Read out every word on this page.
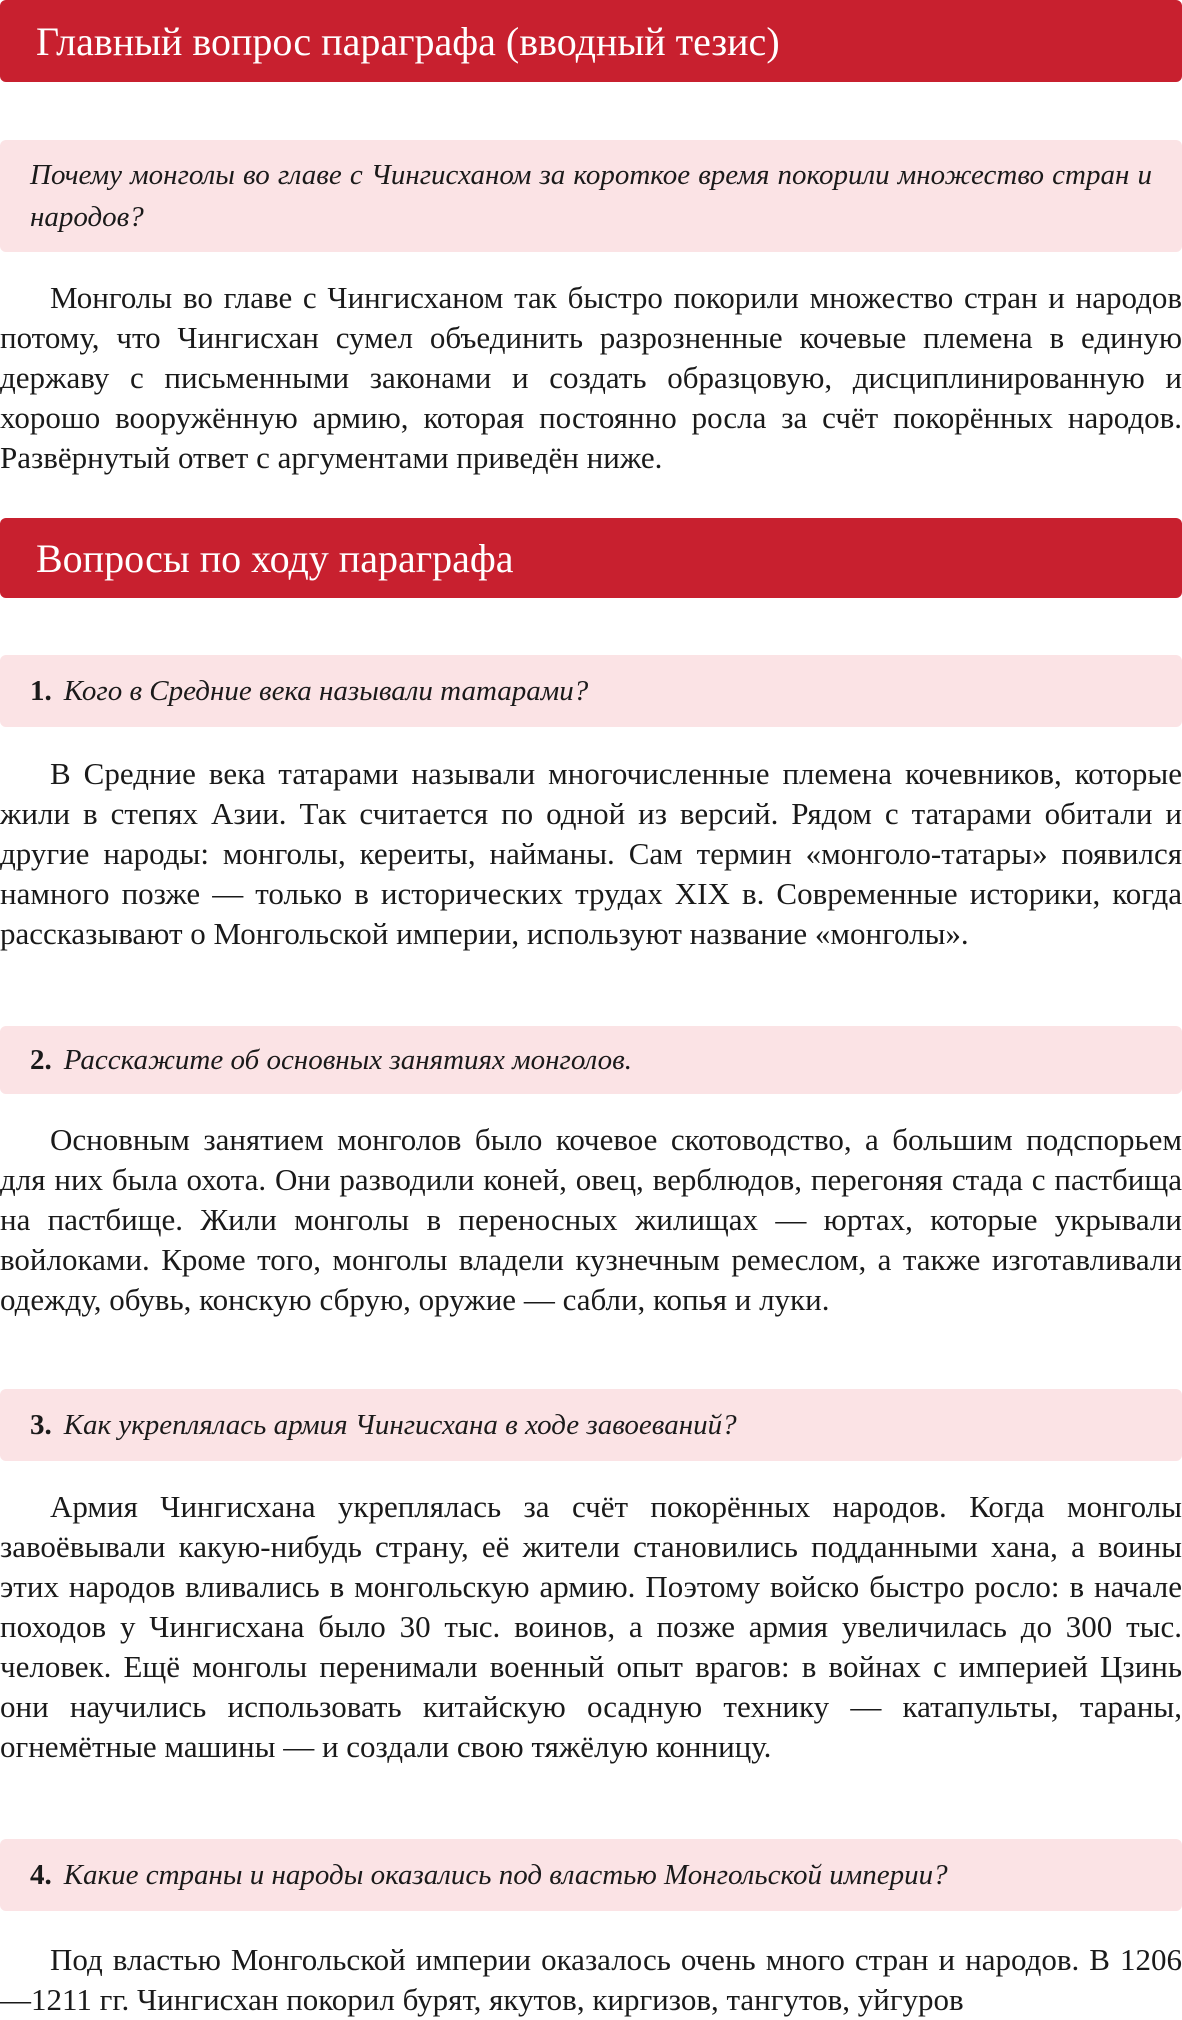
Главный вопрос параграфа (вводный тезис)
Почему монголы во главе с Чингисханом за короткое время покорили множество стран и народов?

Монголы во главе с Чингисханом так быстро покорили множество стран и народов потому, что Чингисхан сумел объединить разрозненные кочевые племена в единую державу с письменными законами и создать образцовую, дисциплинированную и хорошо вооружённую армию, которая постоянно росла за счёт покорённых народов. Развёрнутый ответ с аргументами приведён ниже.

Вопросы по ходу параграфа
1. Кого в Средние века называли татарами?

В Средние века татарами называли многочисленные племена кочевников, которые жили в степях Азии. Так считается по одной из версий. Рядом с татарами обитали и другие народы: монголы, кереиты, найманы. Сам термин «монголо-татары» появился намного позже — только в исторических трудах XIX в. Современные историки, когда рассказывают о Монгольской империи, используют название «монголы».

2. Расскажите об основных занятиях монголов.

Основным занятием монголов было кочевое скотоводство, а большим подспорьем для них была охота. Они разводили коней, овец, верблюдов, перегоняя стада с пастбища на пастбище. Жили монголы в переносных жилищах — юртах, которые укрывали войлоками. Кроме того, монголы владели кузнечным ремеслом, а также изготавливали одежду, обувь, конскую сбрую, оружие — сабли, копья и луки.

3. Как укреплялась армия Чингисхана в ходе завоеваний?

Армия Чингисхана укреплялась за счёт покорённых народов. Когда монголы завоёвывали какую-нибудь страну, её жители становились подданными хана, а воины этих народов вливались в монгольскую армию. Поэтому войско быстро росло: в начале походов у Чингисхана было 30 тыс. воинов, а позже армия увеличилась до 300 тыс. человек. Ещё монголы перенимали военный опыт врагов: в войнах с империей Цзинь они научились использовать китайскую осадную технику — катапульты, тараны, огнемётные машины — и создали свою тяжёлую конницу.

4. Какие страны и народы оказались под властью Монгольской империи?

Под властью Монгольской империи оказалось очень много стран и народов. В 1206—1211 гг. Чингисхан покорил бурят, якутов, киргизов, тангутов, уйгуров
